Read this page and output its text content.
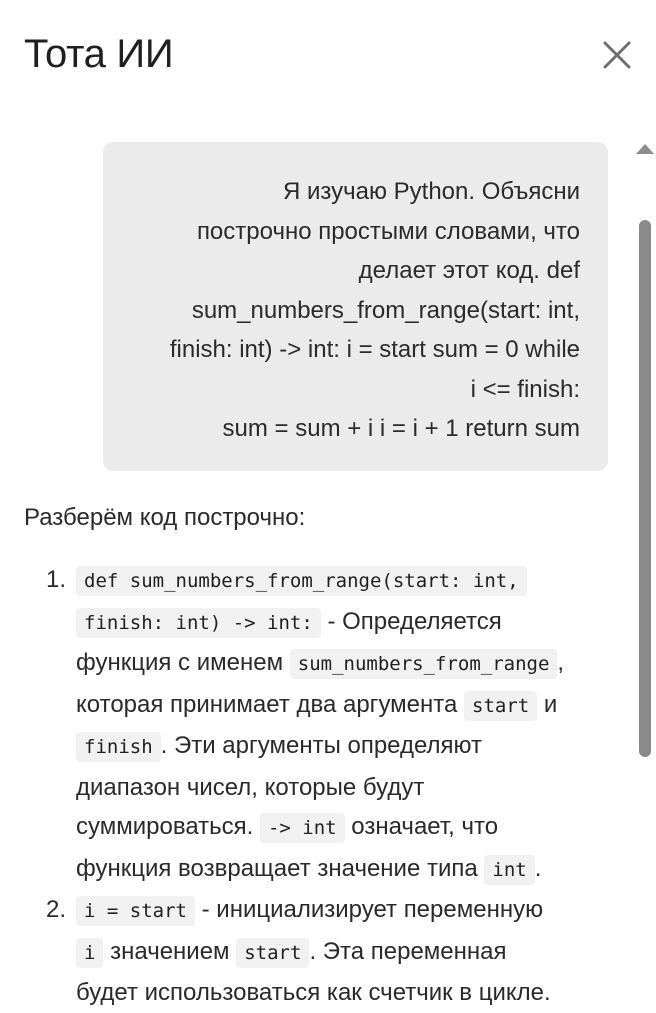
Тота ИИ
Я изучаю Python. Объясни
построчно простыми словами, что
делает этот код. def
sum_numbers_from_range(start: int,
finish: int) -> int: i = start sum = 0 while
i <= finish:
sum = sum + i i = i + 1 return sum

Разберём код построчно:

1. def sum_numbers_from_range(start: int,
finish: int) -> int: - Определяется
функция с именем sum_numbers_from_range ,
которая принимает два аргумента start и
finish . Эти аргументы определяют
диапазон чисел, которые будут
суммироваться. -> int означает, что
функция возвращает значение типа int .
2. i = start - инициализирует переменную
i значением start . Эта переменная
будет использоваться как счетчик в цикле.
